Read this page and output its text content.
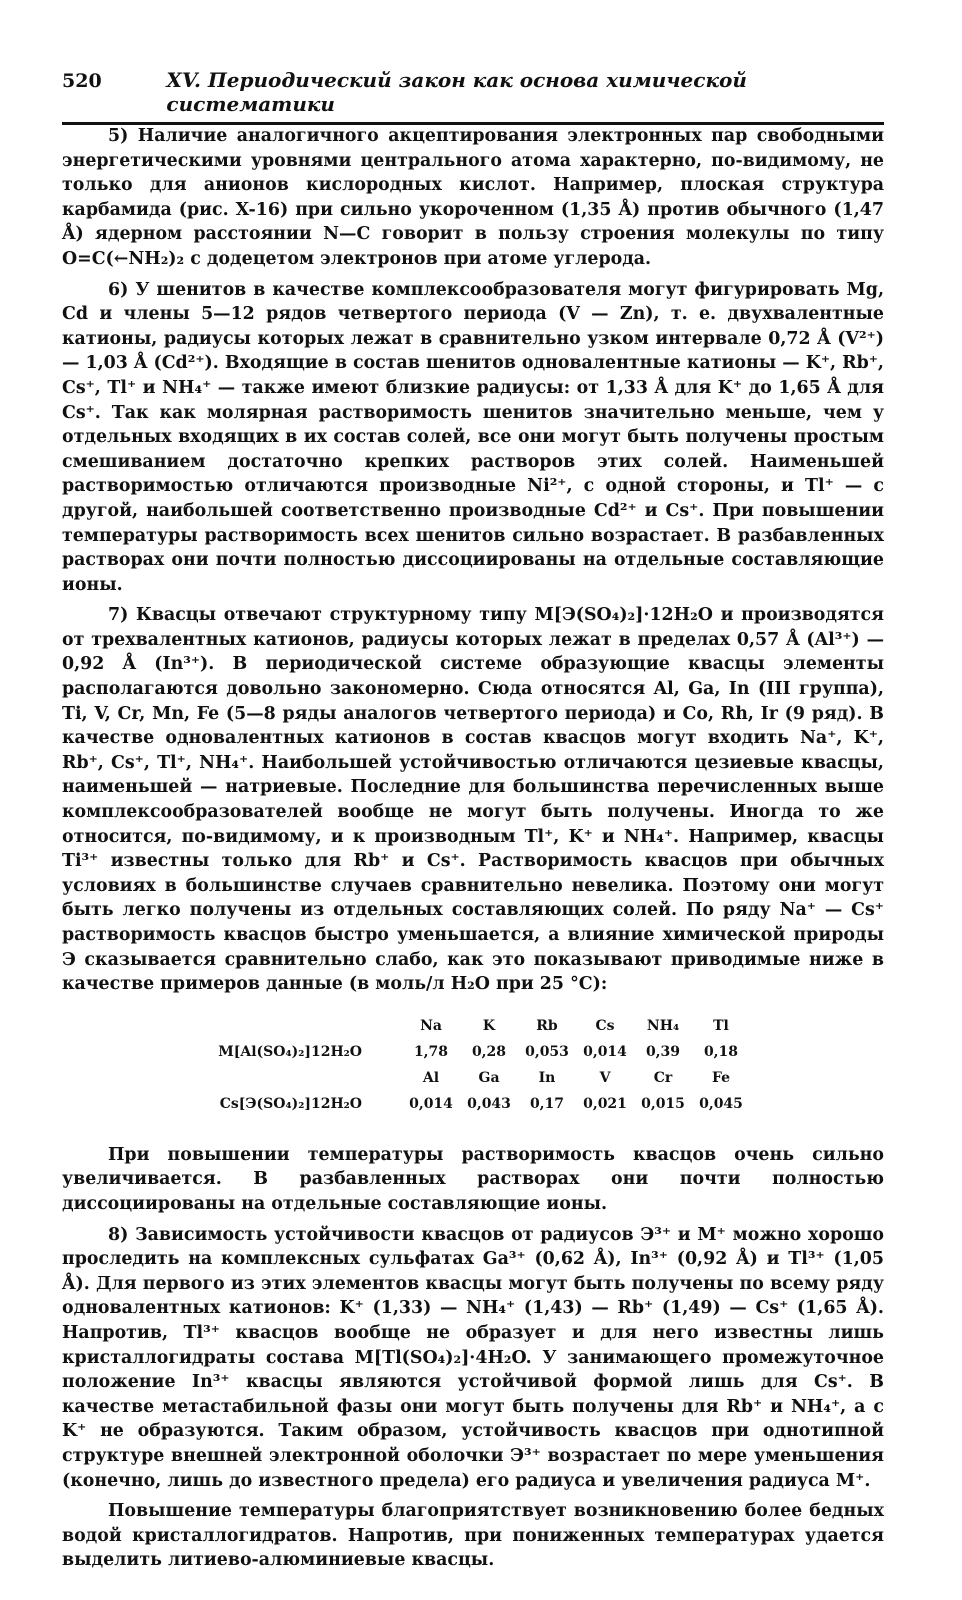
520	XV. Периодический закон как основа химической систематики

5) Наличие аналогичного акцептирования электронных пар свободными энергетическими уровнями центрального атома характерно, по-видимому, не только для анионов кислородных кислот. Например, плоская структура карбамида (рис. X-16) при сильно укороченном (1,35 Å) против обычного (1,47 Å) ядерном расстоянии N—C говорит в пользу строения молекулы по типу O=C(←NH₂)₂ с додецетом электронов при атоме углерода.

6) У шенитов в качестве комплексообразователя могут фигурировать Mg, Cd и члены 5—12 рядов четвертого периода (V — Zn), т. е. двухвалентные катионы, радиусы которых лежат в сравнительно узком интервале 0,72 Å (V²⁺) — 1,03 Å (Cd²⁺). Входящие в состав шенитов одновалентные катионы — K⁺, Rb⁺, Cs⁺, Tl⁺ и NH₄⁺ — также имеют близкие радиусы: от 1,33 Å для K⁺ до 1,65 Å для Cs⁺. Так как молярная растворимость шенитов значительно меньше, чем у отдельных входящих в их состав солей, все они могут быть получены простым смешиванием достаточно крепких растворов этих солей. Наименьшей растворимостью отличаются производные Ni²⁺, с одной стороны, и Tl⁺ — с другой, наибольшей соответственно производные Cd²⁺ и Cs⁺. При повышении температуры растворимость всех шенитов сильно возрастает. В разбавленных растворах они почти полностью диссоциированы на отдельные составляющие ионы.

7) Квасцы отвечают структурному типу M[Э(SO₄)₂]·12H₂O и производятся от трехвалентных катионов, радиусы которых лежат в пределах 0,57 Å (Al³⁺) — 0,92 Å (In³⁺). В периодической системе образующие квасцы элементы располагаются довольно закономерно. Сюда относятся Al, Ga, In (III группа), Ti, V, Cr, Mn, Fe (5—8 ряды аналогов четвертого периода) и Co, Rh, Ir (9 ряд). В качестве одновалентных катионов в состав квасцов могут входить Na⁺, K⁺, Rb⁺, Cs⁺, Tl⁺, NH₄⁺. Наибольшей устойчивостью отличаются цезиевые квасцы, наименьшей — натриевые. Последние для большинства перечисленных выше комплексообразователей вообще не могут быть получены. Иногда то же относится, по-видимому, и к производным Tl⁺, K⁺ и NH₄⁺. Например, квасцы Ti³⁺ известны только для Rb⁺ и Cs⁺. Растворимость квасцов при обычных условиях в большинстве случаев сравнительно невелика. Поэтому они могут быть легко получены из отдельных составляющих солей. По ряду Na⁺ — Cs⁺ растворимость квасцов быстро уменьшается, а влияние химической природы Э сказывается сравнительно слабо, как это показывают приводимые ниже в качестве примеров данные (в моль/л H₂O при 25 °C):

	Na	K	Rb	Cs	NH₄	Tl	
M[Al(SO₄)₂]12H₂O	1,78	0,28	0,053	0,014	0,39	0,18	
	Al	Ga	In	V	Cr	Fe	
Cs[Э(SO₄)₂]12H₂O	0,014	0,043	0,17	0,021	0,015	0,045	

При повышении температуры растворимость квасцов очень сильно увеличивается. В разбавленных растворах они почти полностью диссоциированы на отдельные составляющие ионы.

8) Зависимость устойчивости квасцов от радиусов Э³⁺ и M⁺ можно хорошо проследить на комплексных сульфатах Ga³⁺ (0,62 Å), In³⁺ (0,92 Å) и Tl³⁺ (1,05 Å). Для первого из этих элементов квасцы могут быть получены по всему ряду одновалентных катионов: K⁺ (1,33) — NH₄⁺ (1,43) — Rb⁺ (1,49) — Cs⁺ (1,65 Å). Напротив, Tl³⁺ квасцов вообще не образует и для него известны лишь кристаллогидраты состава M[Tl(SO₄)₂]·4H₂O. У занимающего промежуточное положение In³⁺ квасцы являются устойчивой формой лишь для Cs⁺. В качестве метастабильной фазы они могут быть получены для Rb⁺ и NH₄⁺, а с K⁺ не образуются. Таким образом, устойчивость квасцов при однотипной структуре внешней электронной оболочки Э³⁺ возрастает по мере уменьшения (конечно, лишь до известного предела) его радиуса и увеличения радиуса M⁺.

Повышение температуры благоприятствует возникновению более бедных водой кристаллогидратов. Напротив, при пониженных температурах удается выделить литиево-алюминиевые квасцы.
